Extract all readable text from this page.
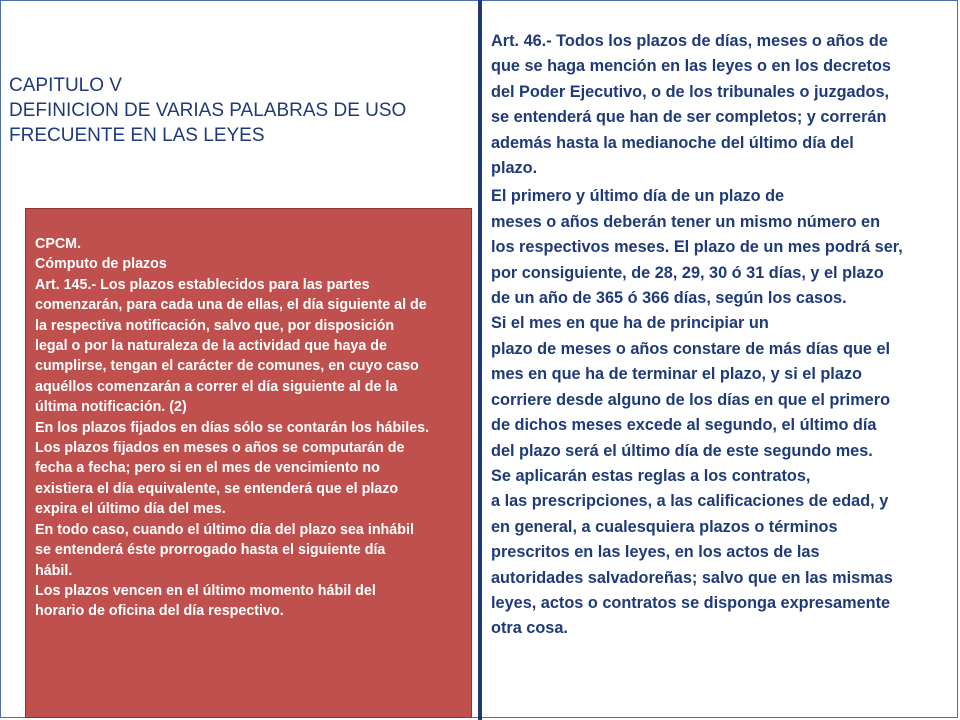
CAPITULO V
DEFINICION DE VARIAS PALABRAS DE USO
FRECUENTE EN LAS LEYES

CPCM.
Cómputo de plazos
Art. 145.- Los plazos establecidos para las partes
comenzarán, para cada una de ellas, el día siguiente al de
la respectiva notificación, salvo que, por disposición
legal o por la naturaleza de la actividad que haya de
cumplirse, tengan el carácter de comunes, en cuyo caso
aquéllos comenzarán a correr el día siguiente al de la
última notificación. (2)
En los plazos fijados en días sólo se contarán los hábiles.
Los plazos fijados en meses o años se computarán de
fecha a fecha; pero si en el mes de vencimiento no
existiera el día equivalente, se entenderá que el plazo
expira el último día del mes.
En todo caso, cuando el último día del plazo sea inhábil
se entenderá éste prorrogado hasta el siguiente día
hábil.
Los plazos vencen en el último momento hábil del
horario de oficina del día respectivo.

Art. 46.- Todos los plazos de días, meses o años de
que se haga mención en las leyes o en los decretos
del Poder Ejecutivo, o de los tribunales o juzgados,
se entenderá que han de ser completos; y correrán
además hasta la medianoche del último día del
plazo.

El primero y último día de un plazo de
meses o años deberán tener un mismo número en
los respectivos meses. El plazo de un mes podrá ser,
por consiguiente, de 28, 29, 30 ó 31 días, y el plazo
de un año de 365 ó 366 días, según los casos.
Si el mes en que ha de principiar un
plazo de meses o años constare de más días que el
mes en que ha de terminar el plazo, y si el plazo
corriere desde alguno de los días en que el primero
de dichos meses excede al segundo, el último día
del plazo será el último día de este segundo mes.
Se aplicarán estas reglas a los contratos,
a las prescripciones, a las calificaciones de edad, y
en general, a cualesquiera plazos o términos
prescritos en las leyes, en los actos de las
autoridades salvadoreñas; salvo que en las mismas
leyes, actos o contratos se disponga expresamente
otra cosa.
